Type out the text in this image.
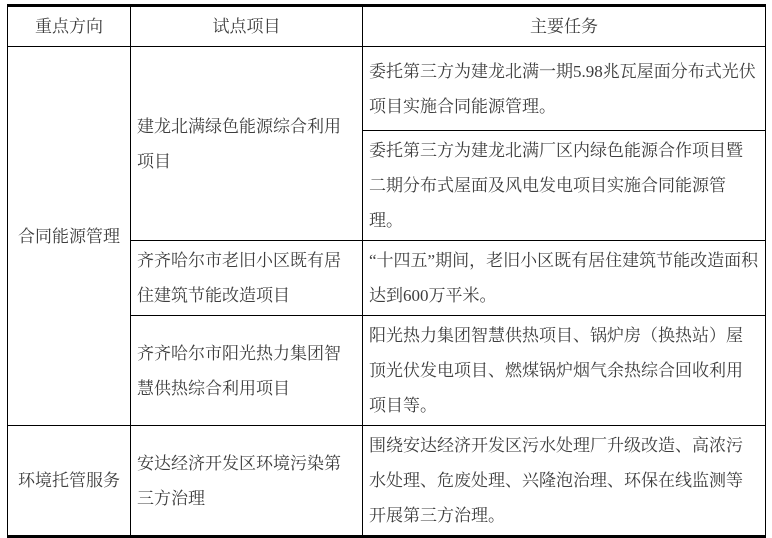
重点方向	试点项目	主要任务
合同能源管理	建龙北满绿色能源综合利用项目	委托第三方为建龙北满一期5.98兆瓦屋面分布式光伏项目实施合同能源管理。
		委托第三方为建龙北满厂区内绿色能源合作项目暨二期分布式屋面及风电发电项目实施合同能源管理。
	齐齐哈尔市老旧小区既有居住建筑节能改造项目	“十四五”期间，老旧小区既有居住建筑节能改造面积达到600万平米。
	齐齐哈尔市阳光热力集团智慧供热综合利用项目	阳光热力集团智慧供热项目、锅炉房（换热站）屋顶光伏发电项目、燃煤锅炉烟气余热综合回收利用项目等。
环境托管服务	安达经济开发区环境污染第三方治理	围绕安达经济开发区污水处理厂升级改造、高浓污水处理、危废处理、兴隆泡治理、环保在线监测等开展第三方治理。
